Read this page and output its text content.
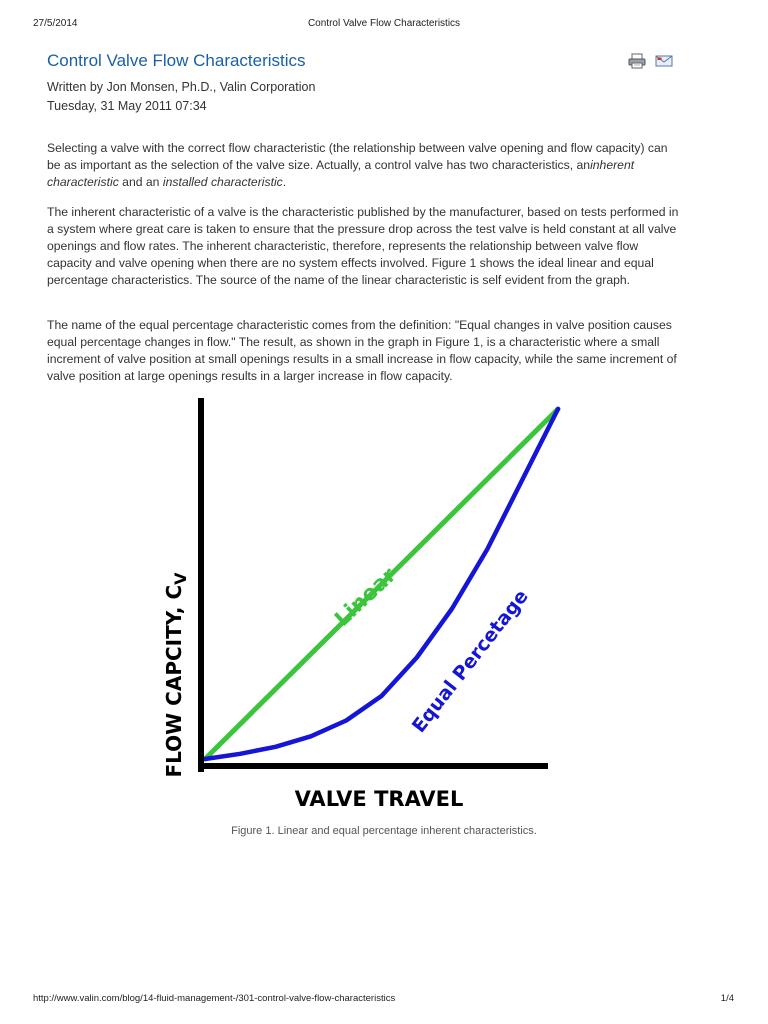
27/5/2014	Control Valve Flow Characteristics
Control Valve Flow Characteristics
Written by Jon Monsen, Ph.D., Valin Corporation
Tuesday, 31 May 2011 07:34

Selecting a valve with the correct flow characteristic (the relationship between valve opening and flow capacity) can be as important as the selection of the valve size. Actually, a control valve has two characteristics, aninherent characteristic and an installed characteristic.

The inherent characteristic of a valve is the characteristic published by the manufacturer, based on tests performed in a system where great care is taken to ensure that the pressure drop across the test valve is held constant at all valve openings and flow rates. The inherent characteristic, therefore, represents the relationship between valve flow capacity and valve opening when there are no system effects involved. Figure 1 shows the ideal linear and equal percentage characteristics. The source of the name of the linear characteristic is self evident from the graph.

The name of the equal percentage characteristic comes from the definition: "Equal changes in valve position causes equal percentage changes in flow." The result, as shown in the graph in Figure 1, is a characteristic where a small increment of valve position at small openings results in a small increase in flow capacity, while the same increment of valve position at large openings results in a larger increase in flow capacity.

VALVE TRAVEL
FLOW CAPCITY, $C_V$	Linear Equal Percetage
Figure 1. Linear and equal percentage inherent characteristics.
http://www.valin.com/blog/14-fluid-management-/301-control-valve-flow-characteristics	1/4
